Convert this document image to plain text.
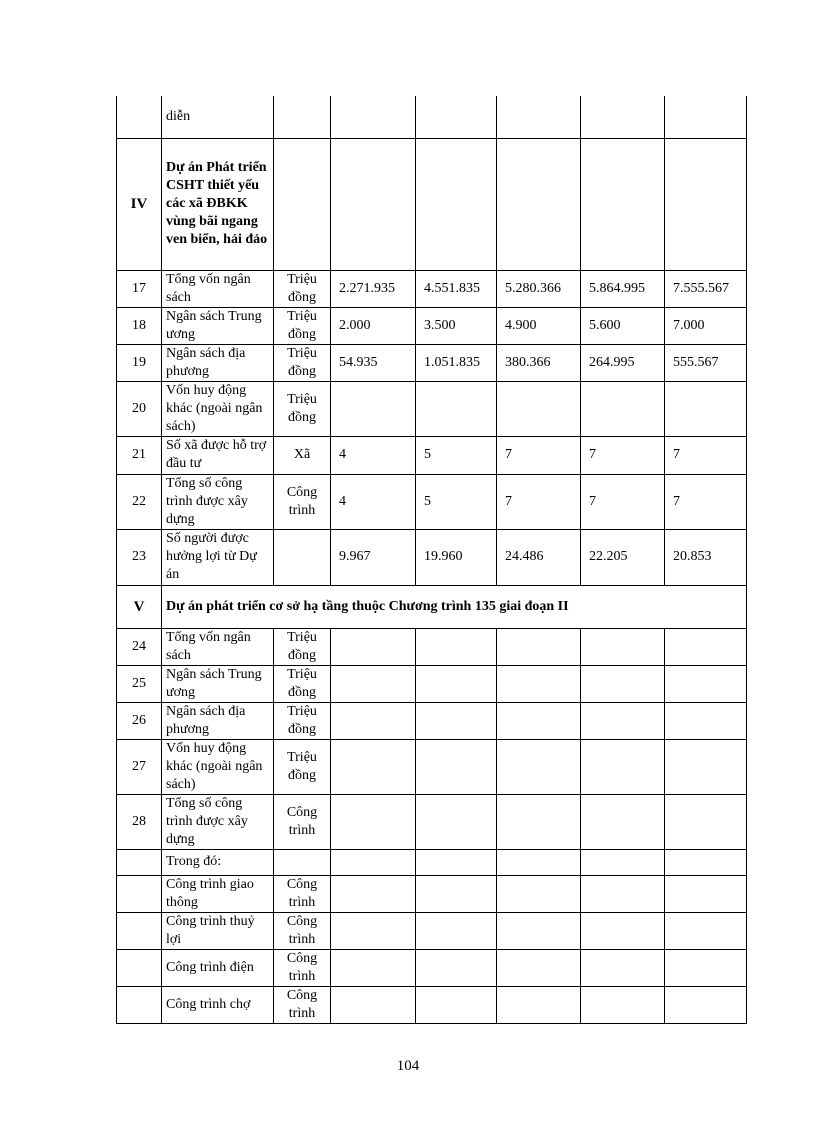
	diễn						
IV	Dự án Phát triển CSHT thiết yếu các xã ĐBKK vùng bãi ngang ven biển, hải đảo						
17	Tổng vốn ngân sách	Triệu đồng	2.271.935	4.551.835	5.280.366	5.864.995	7.555.567
18	Ngân sách Trung ương	Triệu đồng	2.000	3.500	4.900	5.600	7.000
19	Ngân sách địa phương	Triệu đồng	54.935	1.051.835	380.366	264.995	555.567
20	Vốn huy động khác (ngoài ngân sách)	Triệu đồng					
21	Số xã được hỗ trợ đầu tư	Xã	4	5	7	7	7
22	Tổng số công trình được xây dựng	Công trình	4	5	7	7	7
23	Số người được hưởng lợi từ Dự án		9.967	19.960	24.486	22.205	20.853
V	Dự án phát triển cơ sở hạ tầng thuộc Chương trình 135 giai đoạn II						
24	Tổng vốn ngân sách	Triệu đồng					
25	Ngân sách Trung ương	Triệu đồng					
26	Ngân sách địa phương	Triệu đồng					
27	Vốn huy động khác (ngoài ngân sách)	Triệu đồng					
28	Tổng số công trình được xây dựng	Công trình					
	Trong đó:						
	Công trình giao thông	Công trình					
	Công trình thuỷ lợi	Công trình					
	Công trình điện	Công trình					
	Công trình chợ	Công trình					
104
